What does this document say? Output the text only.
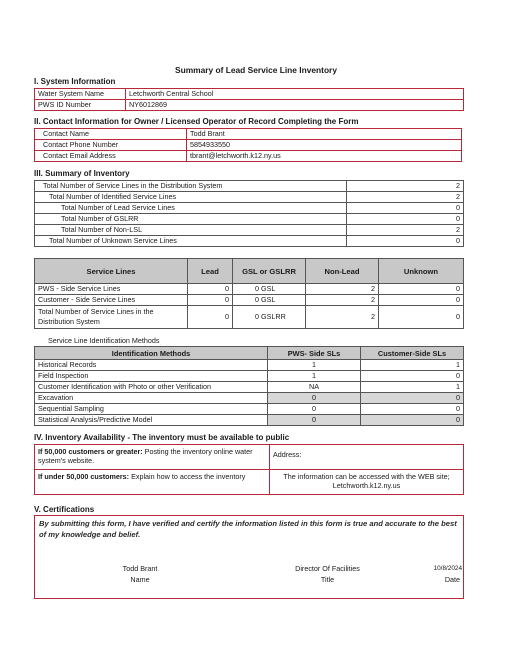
Summary of Lead Service Line Inventory
I. System Information
Water System Name	Letchworth Central School
PWS ID Number	NY6012869
II. Contact Information for Owner / Licensed Operator of Record Completing the Form
Contact Name	Todd Brant
Contact Phone Number	5854933550
Contact Email Address	tbrant@letchworth.k12.ny.us
III. Summary of Inventory
Total Number of Service Lines in the Distribution System	2
Total Number of Identified Service Lines	2
Total Number of Lead Service Lines	0
Total Number of GSLRR	0
Total Number of Non-LSL	2
Total Number of Unknown Service Lines	0
Service Lines	Lead	GSL or GSLRR	Non-Lead	Unknown
PWS - Side Service Lines	0	0 GSL	2	0
Customer - Side Service Lines	0	0 GSL	2	0
Total Number of Service Lines in the Distribution System	0	0 GSLRR	2	0
Service Line Identification Methods
Identification Methods	PWS- Side SLs	Customer-Side SLs
Historical Records	1	1
Field Inspection	1	0
Customer Identification with Photo or other Verification	NA	1
Excavation	0	0
Sequential Sampling	0	0
Statistical Analysis/Predictive Model	0	0
IV. Inventory Availability - The inventory must be available to public
If 50,000 customers or greater: Posting the inventory online water system's website.	Address:
If under 50,000 customers: Explain how to access the inventory	The information can be accessed with the WEB site; Letchworth.k12.ny.us
V. Certifications
By submitting this form, I have verified and certify the information listed in this form is true and accurate to the best of my knowledge and belief.
Todd Brant
Name
Director Of Facilities
Title
10/8/2024
Date
